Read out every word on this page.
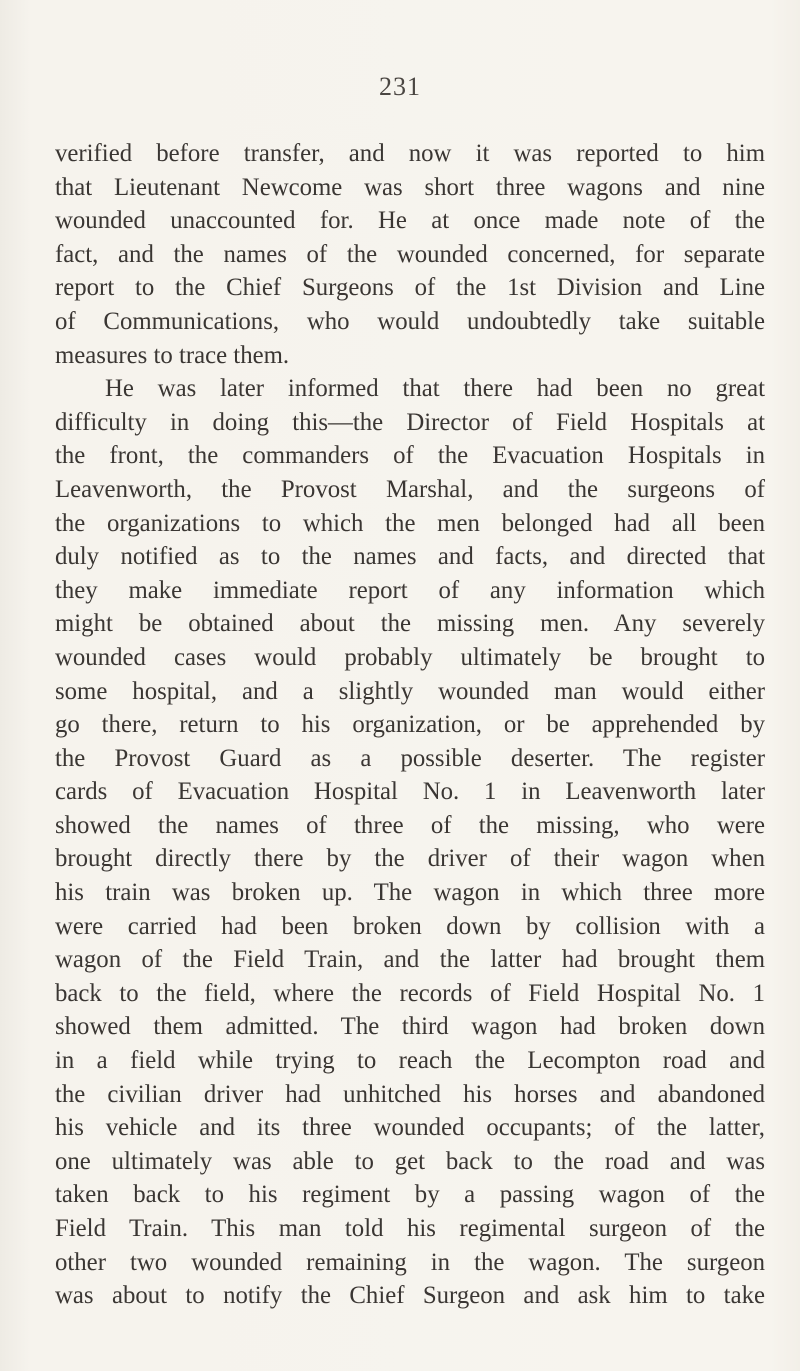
231
verified before transfer, and now it was reported to him
that Lieutenant Newcome was short three wagons and nine
wounded unaccounted for. He at once made note of the
fact, and the names of the wounded concerned, for separate
report to the Chief Surgeons of the 1st Division and Line
of Communications, who would undoubtedly take suitable
measures to trace them.
He was later informed that there had been no great
difficulty in doing this—the Director of Field Hospitals at
the front, the commanders of the Evacuation Hospitals in
Leavenworth, the Provost Marshal, and the surgeons of
the organizations to which the men belonged had all been
duly notified as to the names and facts, and directed that
they make immediate report of any information which
might be obtained about the missing men. Any severely
wounded cases would probably ultimately be brought to
some hospital, and a slightly wounded man would either
go there, return to his organization, or be apprehended by
the Provost Guard as a possible deserter. The register
cards of Evacuation Hospital No. 1 in Leavenworth later
showed the names of three of the missing, who were
brought directly there by the driver of their wagon when
his train was broken up. The wagon in which three more
were carried had been broken down by collision with a
wagon of the Field Train, and the latter had brought them
back to the field, where the records of Field Hospital No. 1
showed them admitted. The third wagon had broken down
in a field while trying to reach the Lecompton road and
the civilian driver had unhitched his horses and abandoned
his vehicle and its three wounded occupants; of the latter,
one ultimately was able to get back to the road and was
taken back to his regiment by a passing wagon of the
Field Train. This man told his regimental surgeon of the
other two wounded remaining in the wagon. The surgeon
was about to notify the Chief Surgeon and ask him to take
